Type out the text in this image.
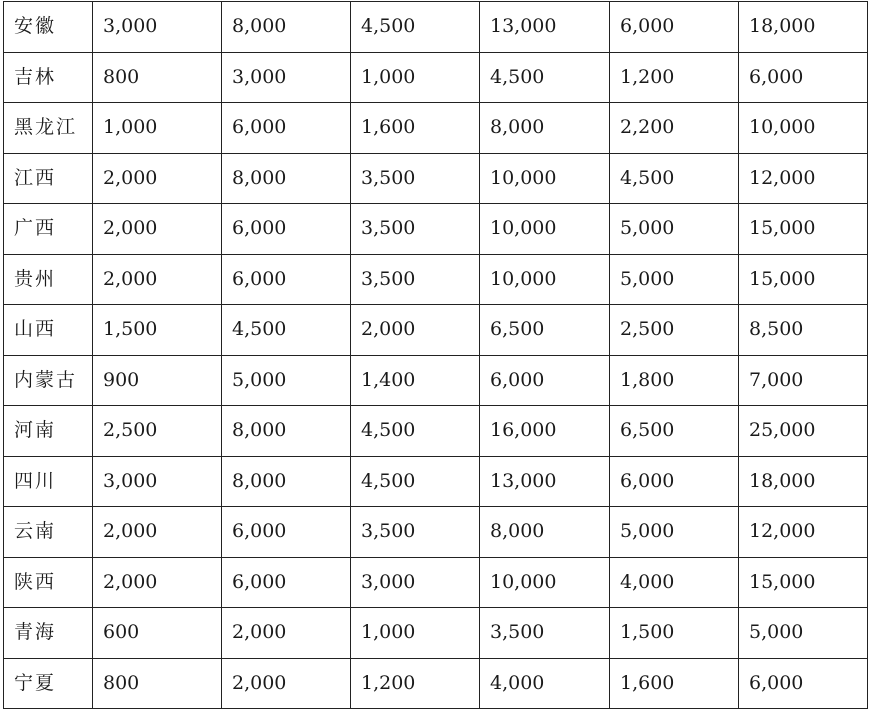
安徽	3,000	8,000	4,500	13,000	6,000	18,000
吉林	800	3,000	1,000	4,500	1,200	6,000
黑龙江	1,000	6,000	1,600	8,000	2,200	10,000
江西	2,000	8,000	3,500	10,000	4,500	12,000
广西	2,000	6,000	3,500	10,000	5,000	15,000
贵州	2,000	6,000	3,500	10,000	5,000	15,000
山西	1,500	4,500	2,000	6,500	2,500	8,500
内蒙古	900	5,000	1,400	6,000	1,800	7,000
河南	2,500	8,000	4,500	16,000	6,500	25,000
四川	3,000	8,000	4,500	13,000	6,000	18,000
云南	2,000	6,000	3,500	8,000	5,000	12,000
陕西	2,000	6,000	3,000	10,000	4,000	15,000
青海	600	2,000	1,000	3,500	1,500	5,000
宁夏	800	2,000	1,200	4,000	1,600	6,000
